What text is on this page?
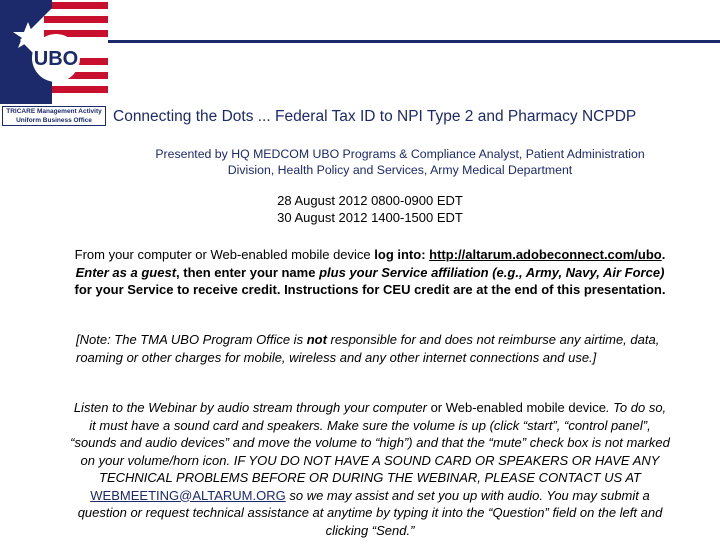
UBO
TRICARE Management Activity
Uniform Business Office	Connecting the Dots ... Federal Tax ID to NPI Type 2 and Pharmacy NCPDP
Presented by HQ MEDCOM UBO Programs & Compliance Analyst, Patient Administration
Division, Health Policy and Services, Army Medical Department
28 August 2012 0800-0900 EDT
30 August 2012 1400-1500 EDT
From your computer or Web-enabled mobile device log into: http://altarum.adobeconnect.com/ubo. Enter as a guest, then enter your name plus your Service affiliation (e.g., Army, Navy, Air Force) for your Service to receive credit. Instructions for CEU credit are at the end of this presentation.
[Note: The TMA UBO Program Office is not responsible for and does not reimburse any airtime, data, roaming or other charges for mobile, wireless and any other internet connections and use.]
Listen to the Webinar by audio stream through your computer or Web-enabled mobile device. To do so, it must have a sound card and speakers. Make sure the volume is up (click “start”, “control panel”, “sounds and audio devices” and move the volume to “high”) and that the “mute” check box is not marked on your volume/horn icon. IF YOU DO NOT HAVE A SOUND CARD OR SPEAKERS OR HAVE ANY TECHNICAL PROBLEMS BEFORE OR DURING THE WEBINAR, PLEASE CONTACT US AT WEBMEETING@ALTARUM.ORG so we may assist and set you up with audio. You may submit a question or request technical assistance at anytime by typing it into the “Question” field on the left and clicking “Send.”
